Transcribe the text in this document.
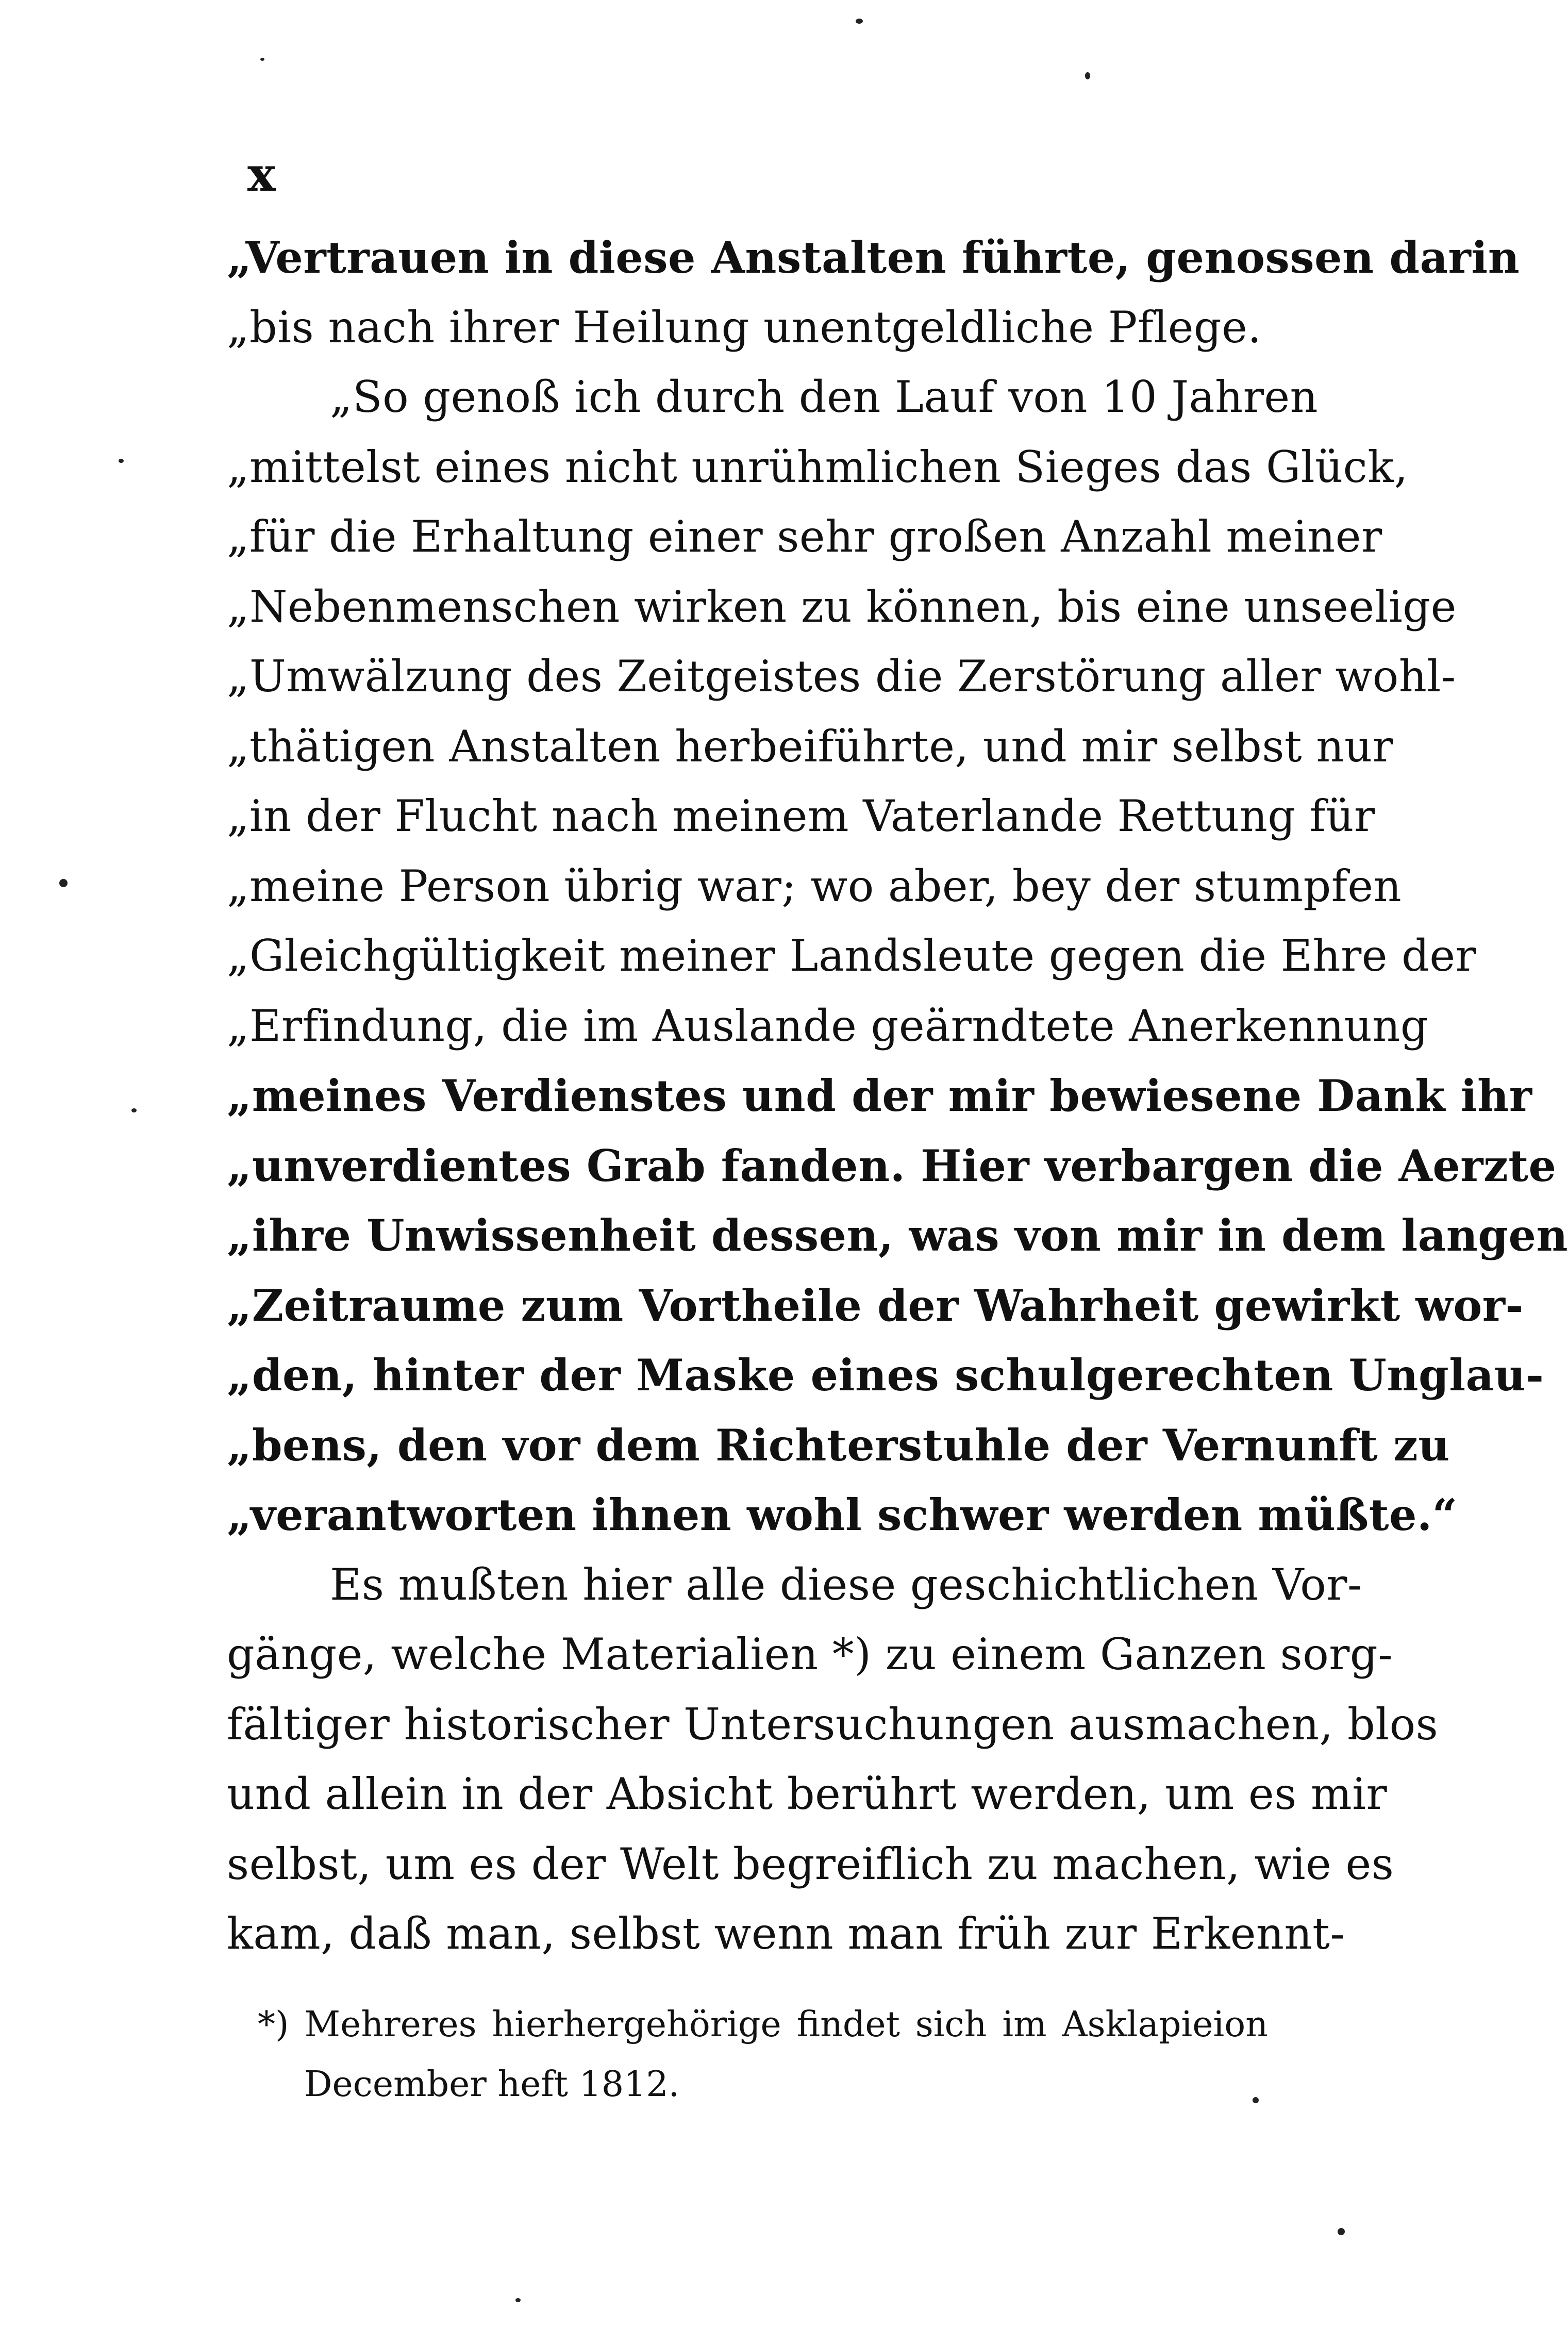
x
„Vertrauen in diese Anstalten führte, genossen darin
„bis nach ihrer Heilung unentgeldliche Pflege.
„So genoß ich durch den Lauf von 10 Jahren
„mittelst eines nicht unrühmlichen Sieges das Glück,
„für die Erhaltung einer sehr großen Anzahl meiner
„Nebenmenschen wirken zu können, bis eine unseelige
„Umwälzung des Zeitgeistes die Zerstörung aller wohl-
„thätigen Anstalten herbeiführte, und mir selbst nur
„in der Flucht nach meinem Vaterlande Rettung für
„meine Person übrig war; wo aber, bey der stumpfen
„Gleichgültigkeit meiner Landsleute gegen die Ehre der
„Erfindung, die im Auslande geärndtete Anerkennung
„meines Verdienstes und der mir bewiesene Dank ihr
„unverdientes Grab fanden. Hier verbargen die Aerzte
„ihre Unwissenheit dessen, was von mir in dem langen
„Zeitraume zum Vortheile der Wahrheit gewirkt wor-
„den, hinter der Maske eines schulgerechten Unglau-
„bens, den vor dem Richterstuhle der Vernunft zu
„verantworten ihnen wohl schwer werden müßte.“
Es mußten hier alle diese geschichtlichen Vor-
gänge, welche Materialien *) zu einem Ganzen sorg-
fältiger historischer Untersuchungen ausmachen, blos
und allein in der Absicht berührt werden, um es mir
selbst, um es der Welt begreiflich zu machen, wie es
kam, daß man, selbst wenn man früh zur Erkennt-
*) Mehreres hierhergehörige findet sich im Asklapieion
December heft 1812.
